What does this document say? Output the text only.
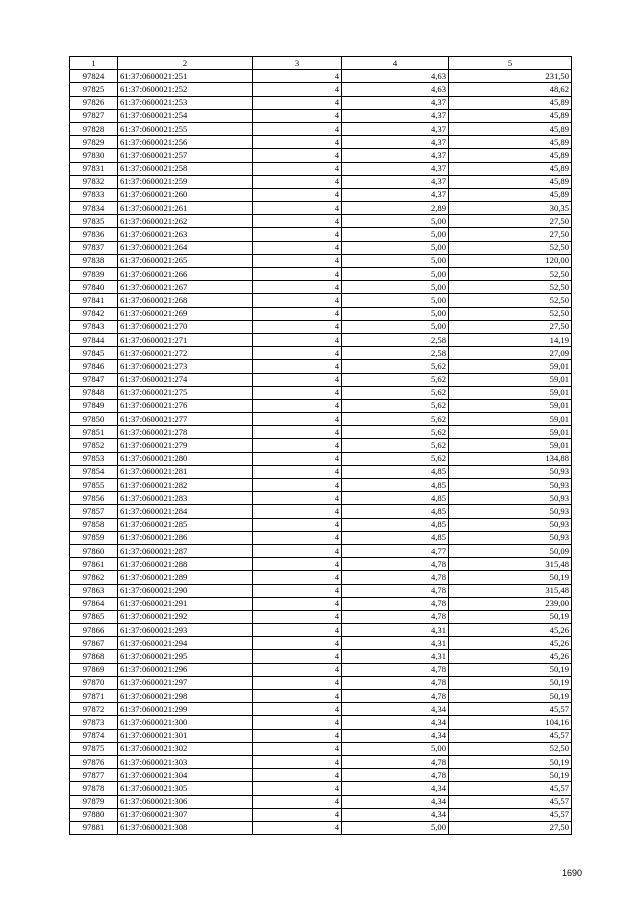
1	2	3	4	5
97824	61:37:0600021:251	4	4,63	231,50
97825	61:37:0600021:252	4	4,63	48,62
97826	61:37:0600021:253	4	4,37	45,89
97827	61:37:0600021:254	4	4,37	45,89
97828	61:37:0600021:255	4	4,37	45,89
97829	61:37:0600021:256	4	4,37	45,89
97830	61:37:0600021:257	4	4,37	45,89
97831	61:37:0600021:258	4	4,37	45,89
97832	61:37:0600021:259	4	4,37	45,89
97833	61:37:0600021:260	4	4,37	45,89
97834	61:37:0600021:261	4	2,89	30,35
97835	61:37:0600021:262	4	5,00	27,50
97836	61:37:0600021:263	4	5,00	27,50
97837	61:37:0600021:264	4	5,00	52,50
97838	61:37:0600021:265	4	5,00	120,00
97839	61:37:0600021:266	4	5,00	52,50
97840	61:37:0600021:267	4	5,00	52,50
97841	61:37:0600021:268	4	5,00	52,50
97842	61:37:0600021:269	4	5,00	52,50
97843	61:37:0600021:270	4	5,00	27,50
97844	61:37:0600021:271	4	2,58	14,19
97845	61:37:0600021:272	4	2,58	27,09
97846	61:37:0600021:273	4	5,62	59,01
97847	61:37:0600021:274	4	5,62	59,01
97848	61:37:0600021:275	4	5,62	59,01
97849	61:37:0600021:276	4	5,62	59,01
97850	61:37:0600021:277	4	5,62	59,01
97851	61:37:0600021:278	4	5,62	59,01
97852	61:37:0600021:279	4	5,62	59,01
97853	61:37:0600021:280	4	5,62	134,88
97854	61:37:0600021:281	4	4,85	50,93
97855	61:37:0600021:282	4	4,85	50,93
97856	61:37:0600021:283	4	4,85	50,93
97857	61:37:0600021:284	4	4,85	50,93
97858	61:37:0600021:285	4	4,85	50,93
97859	61:37:0600021:286	4	4,85	50,93
97860	61:37:0600021:287	4	4,77	50,09
97861	61:37:0600021:288	4	4,78	315,48
97862	61:37:0600021:289	4	4,78	50,19
97863	61:37:0600021:290	4	4,78	315,48
97864	61:37:0600021:291	4	4,78	239,00
97865	61:37:0600021:292	4	4,78	50,19
97866	61:37:0600021:293	4	4,31	45,26
97867	61:37:0600021:294	4	4,31	45,26
97868	61:37:0600021:295	4	4,31	45,26
97869	61:37:0600021:296	4	4,78	50,19
97870	61:37:0600021:297	4	4,78	50,19
97871	61:37:0600021:298	4	4,78	50,19
97872	61:37:0600021:299	4	4,34	45,57
97873	61:37:0600021:300	4	4,34	104,16
97874	61:37:0600021:301	4	4,34	45,57
97875	61:37:0600021:302	4	5,00	52,50
97876	61:37:0600021:303	4	4,78	50,19
97877	61:37:0600021:304	4	4,78	50,19
97878	61:37:0600021:305	4	4,34	45,57
97879	61:37:0600021:306	4	4,34	45,57
97880	61:37:0600021:307	4	4,34	45,57
97881	61:37:0600021:308	4	5,00	27,50
1690
